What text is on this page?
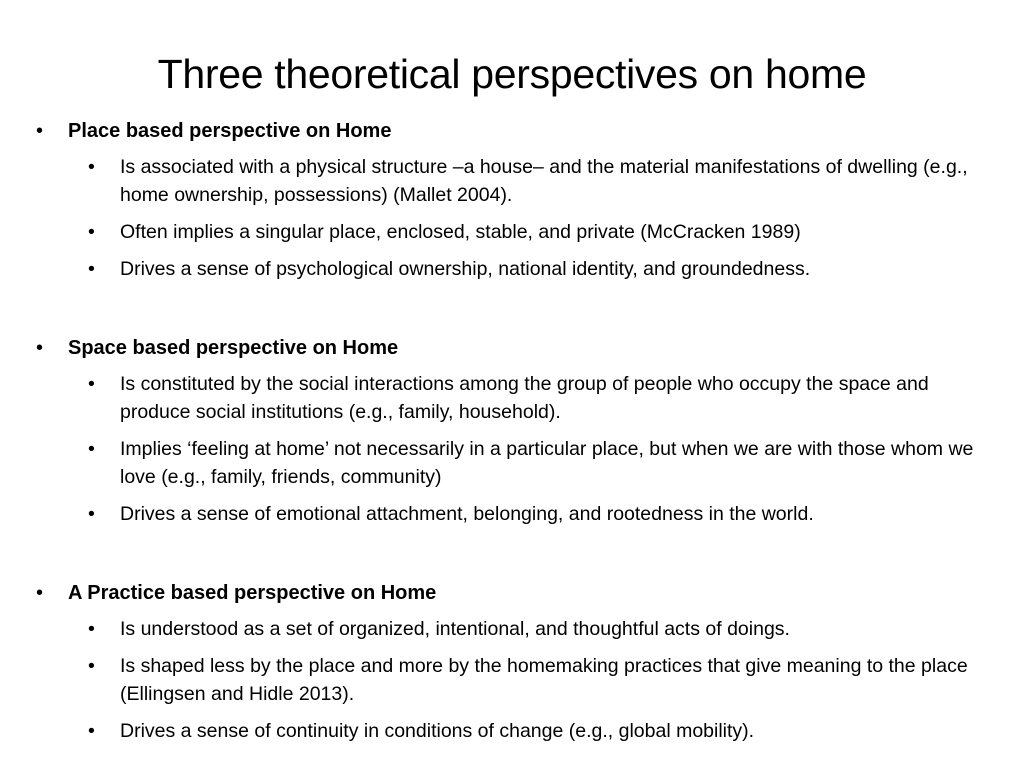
Three theoretical perspectives on home
• Place based perspective on Home
• Is associated with a physical structure –a house– and the material manifestations of dwelling (e.g., home ownership, possessions) (Mallet 2004).
• Often implies a singular place, enclosed, stable, and private (McCracken 1989)
• Drives a sense of psychological ownership, national identity, and groundedness.
• Space based perspective on Home
• Is constituted by the social interactions among the group of people who occupy the space and produce social institutions (e.g., family, household).
• Implies ‘feeling at home’ not necessarily in a particular place, but when we are with those whom we love (e.g., family, friends, community)
• Drives a sense of emotional attachment, belonging, and rootedness in the world.
• A Practice based perspective on Home
• Is understood as a set of organized, intentional, and thoughtful acts of doings.
• Is shaped less by the place and more by the homemaking practices that give meaning to the place (Ellingsen and Hidle 2013).
• Drives a sense of continuity in conditions of change (e.g., global mobility).
